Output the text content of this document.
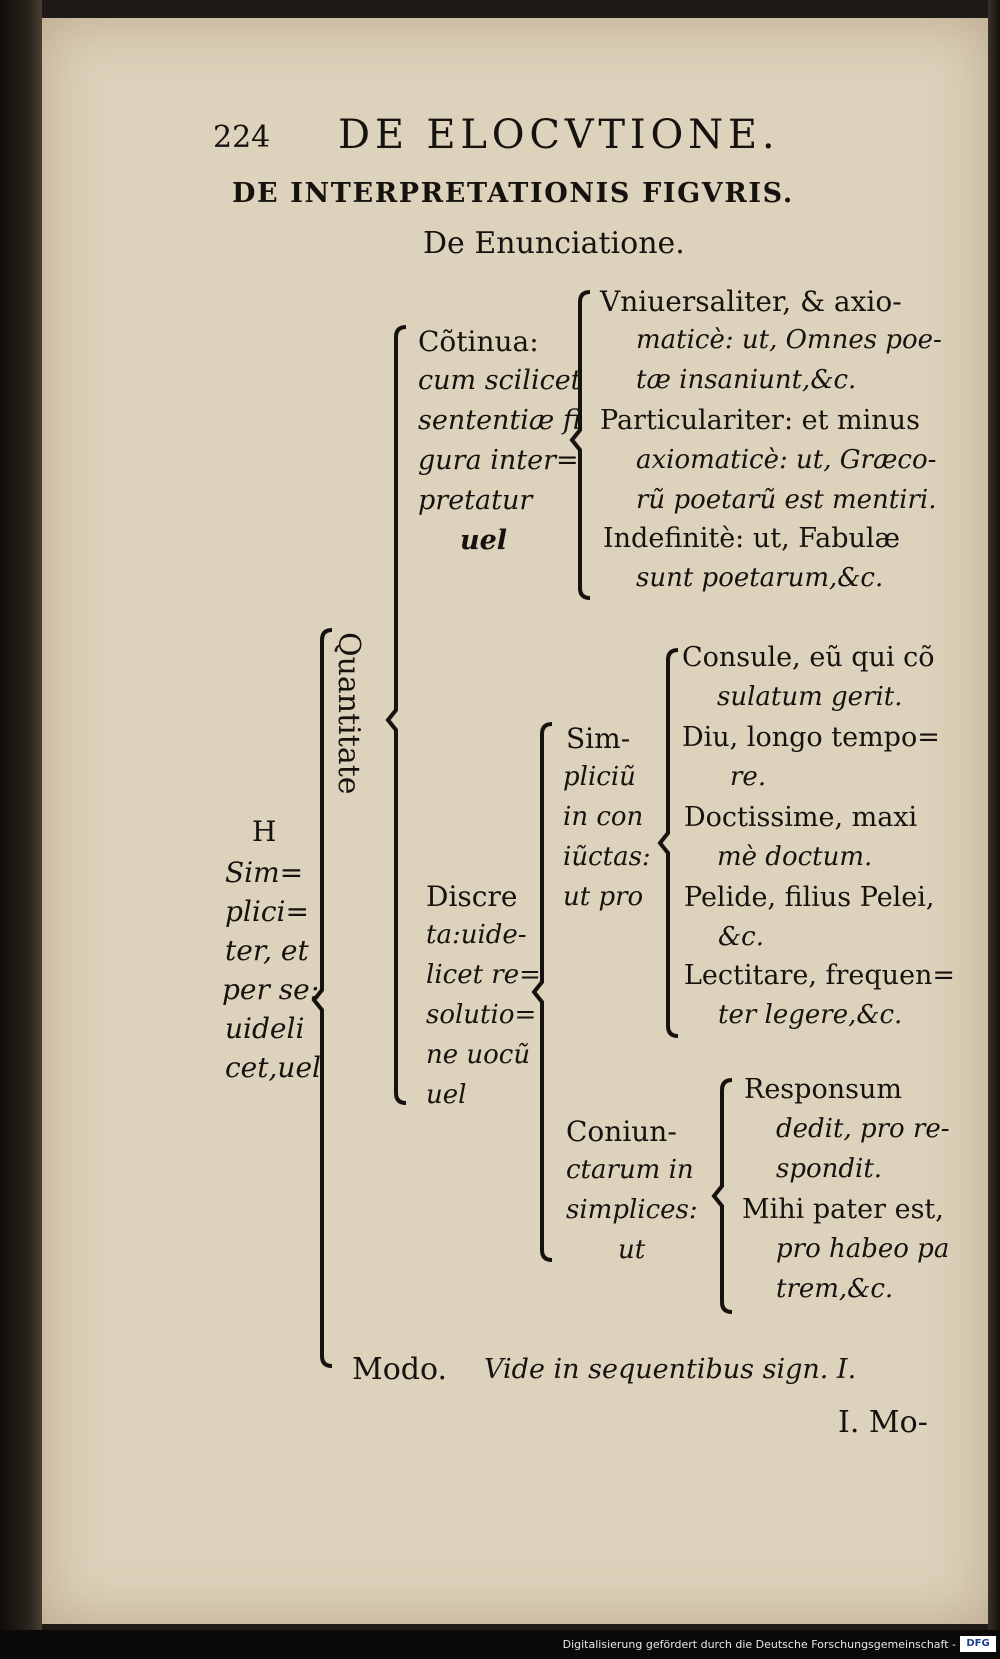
224 DE ELOCVTIONE.
DE INTERPRETATIONIS FIGVRIS.
De Enunciatione.
H
Sim=
plici=
ter, et
per se:
uideli
cet,uel
Quantitate
Cõtinua:
cum scilicet
sententiæ fi
gura inter=
pretatur
uel
Vniuersaliter, & axio-
maticè: ut, Omnes poe-
tæ insaniunt,&c.
Particulariter: et minus
axiomaticè: ut, Græco-
rũ poetarũ est mentiri.
Indefinitè: ut, Fabulæ
sunt poetarum,&c.
Discre
ta:uide-
licet re=
solutio=
ne uocũ
uel
Sim-
pliciũ
in con
iũctas:
ut pro
Consule, eũ qui cõ
sulatum gerit.
Diu, longo tempo=
re.
Doctissime, maxi
mè doctum.
Pelide, filius Pelei,
&c.
Lectitare, frequen=
ter legere,&c.
Coniun-
ctarum in
simplices:
ut
Responsum
dedit, pro re-
spondit.
Mihi pater est,
pro habeo pa
trem,&c.
Modo. Vide in sequentibus sign. I.
I. Mo-
Digitalisierung gefördert durch die Deutsche Forschungsgemeinschaft -	DFG
